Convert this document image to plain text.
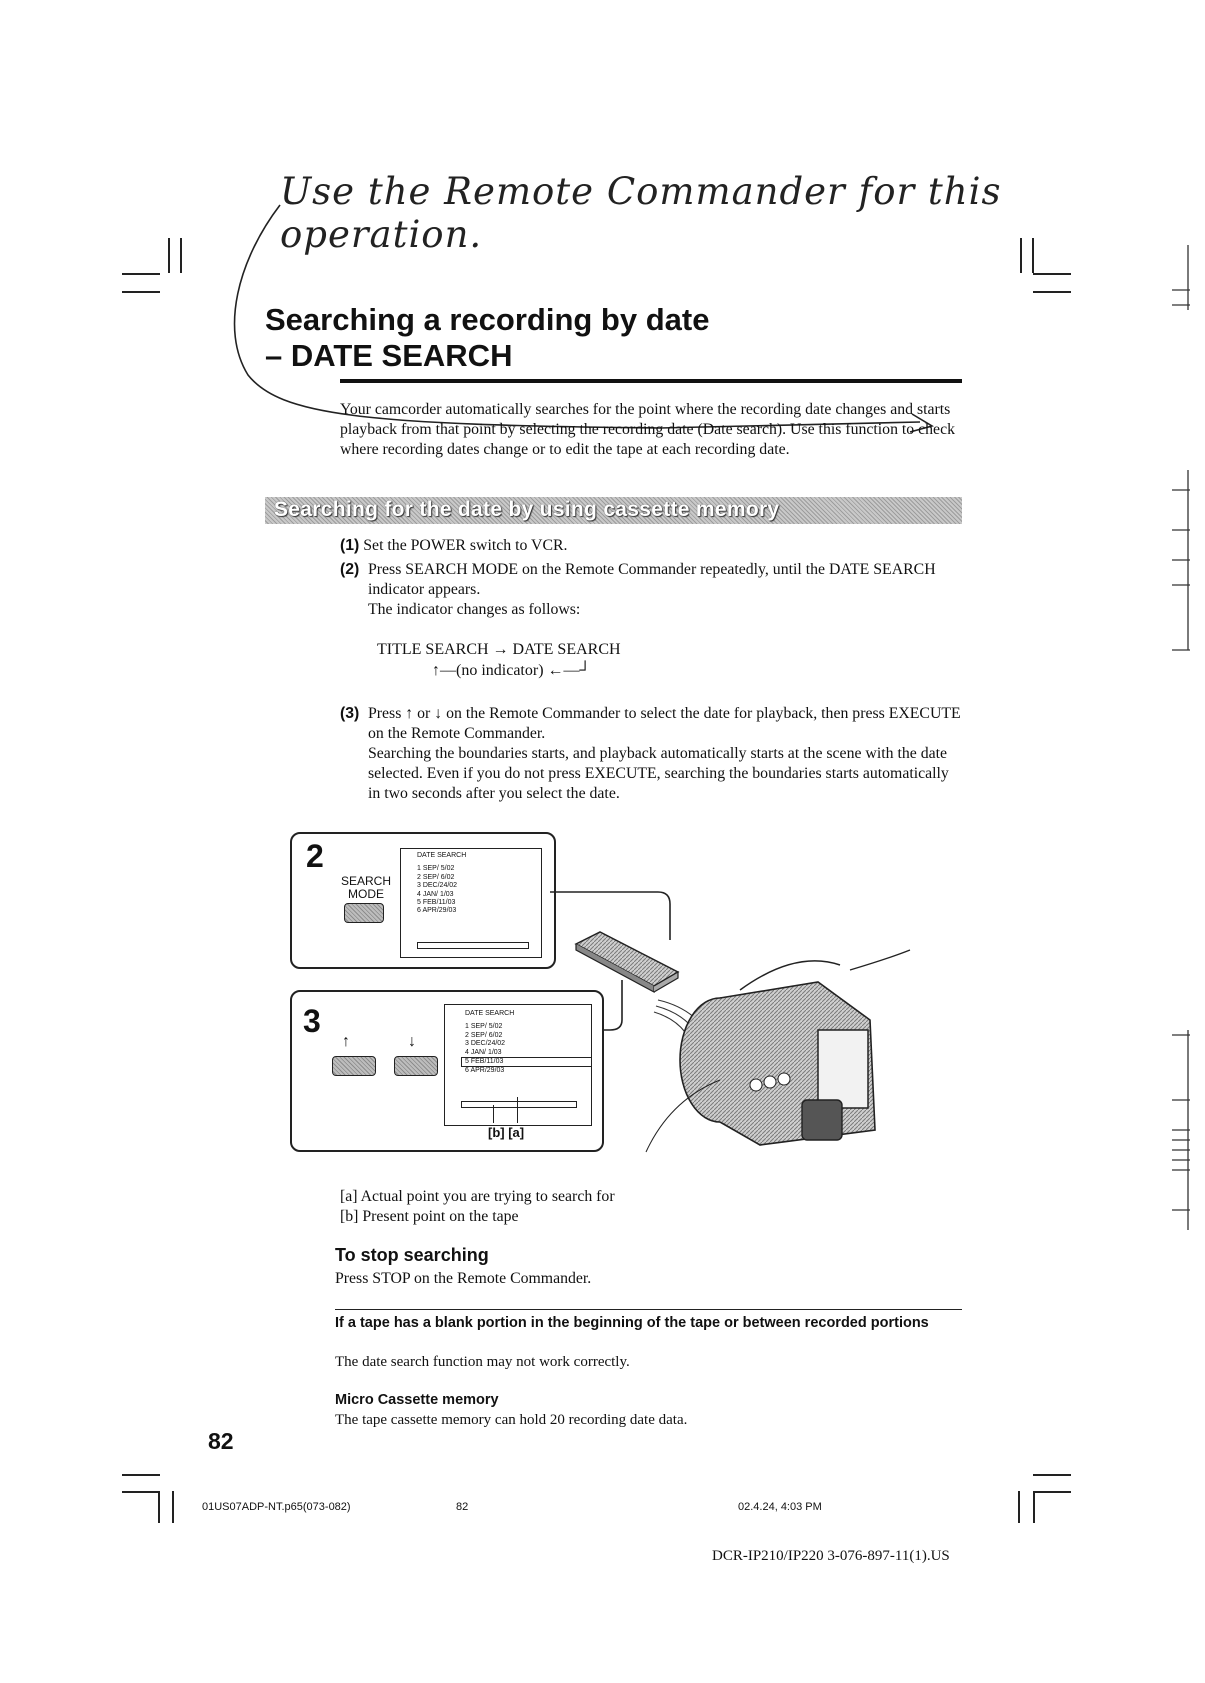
Use the Remote Commander for this operation.
Searching a recording by date
– DATE SEARCH
Your camcorder automatically searches for the point where the recording date changes and starts playback from that point by selecting the recording date (Date search). Use this function to check where recording dates change or to edit the tape at each recording date.
Searching for the date by using cassette memory
(1) Set the POWER switch to VCR.
(2) Press SEARCH MODE on the Remote Commander repeatedly, until the DATE SEARCH indicator appears.
The indicator changes as follows:
TITLE SEARCH → DATE SEARCH
↑—(no indicator) ←—┘
(3) Press ↑ or ↓ on the Remote Commander to select the date for playback, then press EXECUTE on the Remote Commander.
Searching the boundaries starts, and playback automatically starts at the scene with the date selected. Even if you do not press EXECUTE, searching the boundaries starts automatically in two seconds after you select the date.
2
SEARCH
MODE
DATE SEARCH
1 SEP/ 5/02
2 SEP/ 6/02
3 DEC/24/02
4 JAN/ 1/03
5 FEB/11/03
6 APR/29/03
3
↑	↓
DATE SEARCH
1 SEP/ 5/02
2 SEP/ 6/02
3 DEC/24/02
4 JAN/ 1/03
5 FEB/11/03
6 APR/29/03
[b] [a]
[a] Actual point you are trying to search for
[b] Present point on the tape
To stop searching
Press STOP on the Remote Commander.
If a tape has a blank portion in the beginning of the tape or between recorded portions
The date search function may not work correctly.
Micro Cassette memory
The tape cassette memory can hold 20 recording date data.
82
01US07ADP-NT.p65(073-082)	82	02.4.24, 4:03 PM
DCR-IP210/IP220 3-076-897-11(1).US
